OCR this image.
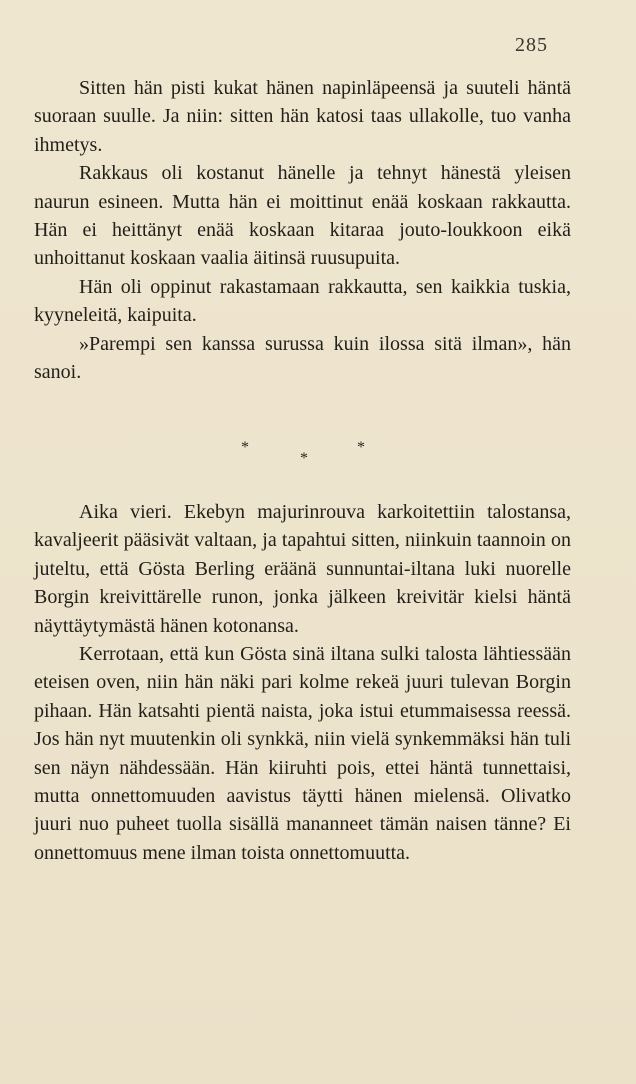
285

Sitten hän pisti kukat hänen napinläpeensä ja suuteli häntä suoraan suulle. Ja niin: sitten hän katosi taas ullakolle, tuo vanha ihmetys.

Rakkaus oli kostanut hänelle ja tehnyt hänestä yleisen naurun esineen. Mutta hän ei moittinut enää koskaan rakkautta. Hän ei heittänyt enää koskaan kitaraa jouto-loukkoon eikä unhoittanut koskaan vaalia äitinsä ruusupuita.

Hän oli oppinut rakastamaan rakkautta, sen kaikkia tuskia, kyyneleitä, kaipuita.

»Parempi sen kanssa surussa kuin ilossa sitä ilman», hän sanoi.

*
*
*

Aika vieri. Ekebyn majurinrouva karkoitettiin talostansa, kavaljeerit pääsivät valtaan, ja tapahtui sitten, niinkuin taannoin on juteltu, että Gösta Berling eräänä sunnuntai-iltana luki nuorelle Borgin kreivittärelle runon, jonka jälkeen kreivitär kielsi häntä näyttäytymästä hänen kotonansa.

Kerrotaan, että kun Gösta sinä iltana sulki talosta lähtiessään eteisen oven, niin hän näki pari kolme rekeä juuri tulevan Borgin pihaan. Hän katsahti pientä naista, joka istui etummaisessa reessä. Jos hän nyt muutenkin oli synkkä, niin vielä synkemmäksi hän tuli sen näyn nähdessään. Hän kiiruhti pois, ettei häntä tunnettaisi, mutta onnettomuuden aavistus täytti hänen mielensä. Olivatko juuri nuo puheet tuolla sisällä mananneet tämän naisen tänne? Ei onnettomuus mene ilman toista onnettomuutta.
